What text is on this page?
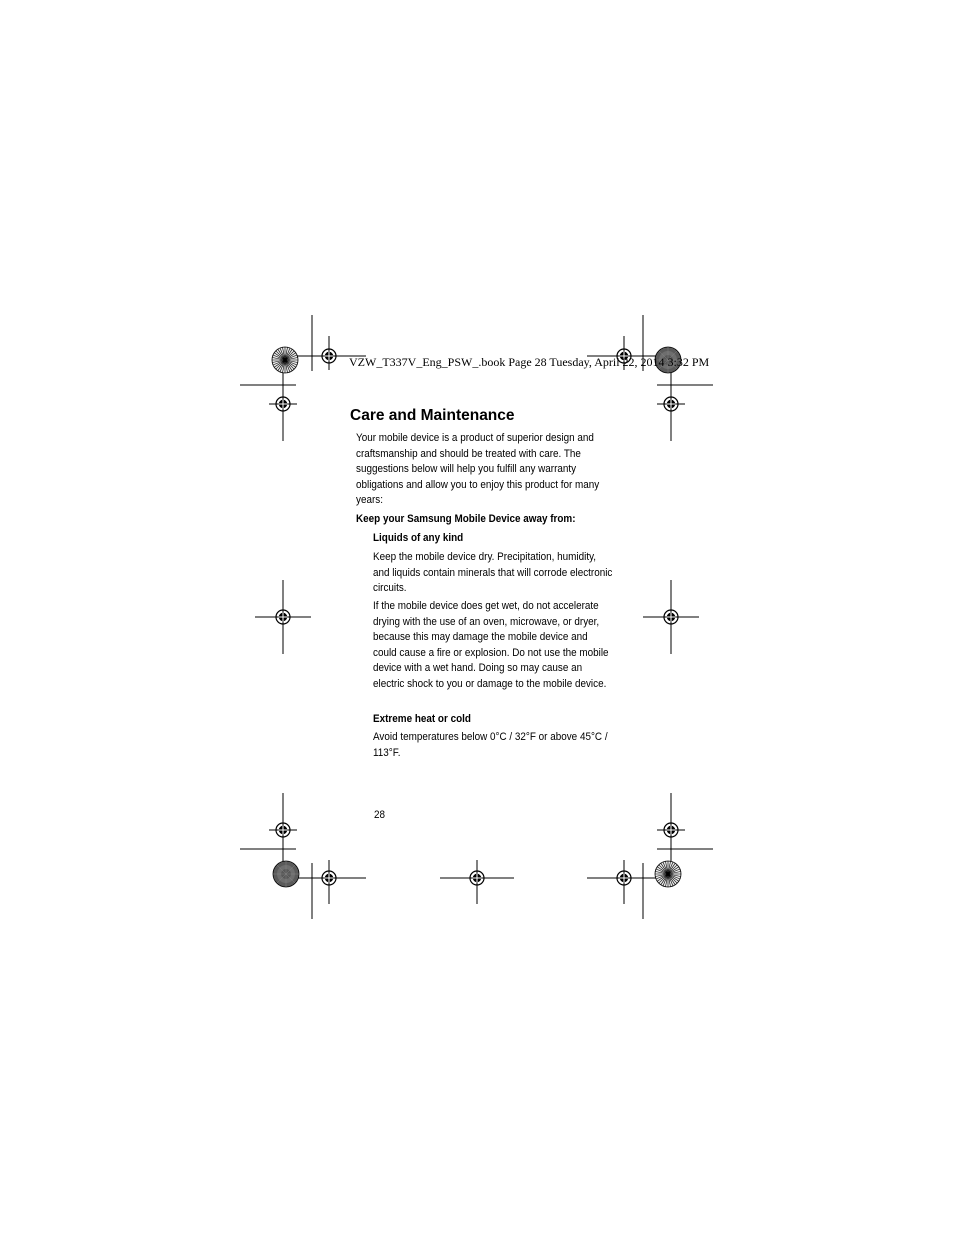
VZW_T337V_Eng_PSW_.book Page 28 Tuesday, April 22, 2014 3:32 PM
Care and Maintenance

Your mobile device is a product of superior design and craftsmanship and should be treated with care. The suggestions below will help you fulfill any warranty obligations and allow you to enjoy this product for many years:

Keep your Samsung Mobile Device away from:

Liquids of any kind

Keep the mobile device dry. Precipitation, humidity, and liquids contain minerals that will corrode electronic circuits.

If the mobile device does get wet, do not accelerate drying with the use of an oven, microwave, or dryer, because this may damage the mobile device and could cause a fire or explosion. Do not use the mobile device with a wet hand. Doing so may cause an electric shock to you or damage to the mobile device.

Extreme heat or cold

Avoid temperatures below 0°C / 32°F or above 45°C / 113°F.

28
